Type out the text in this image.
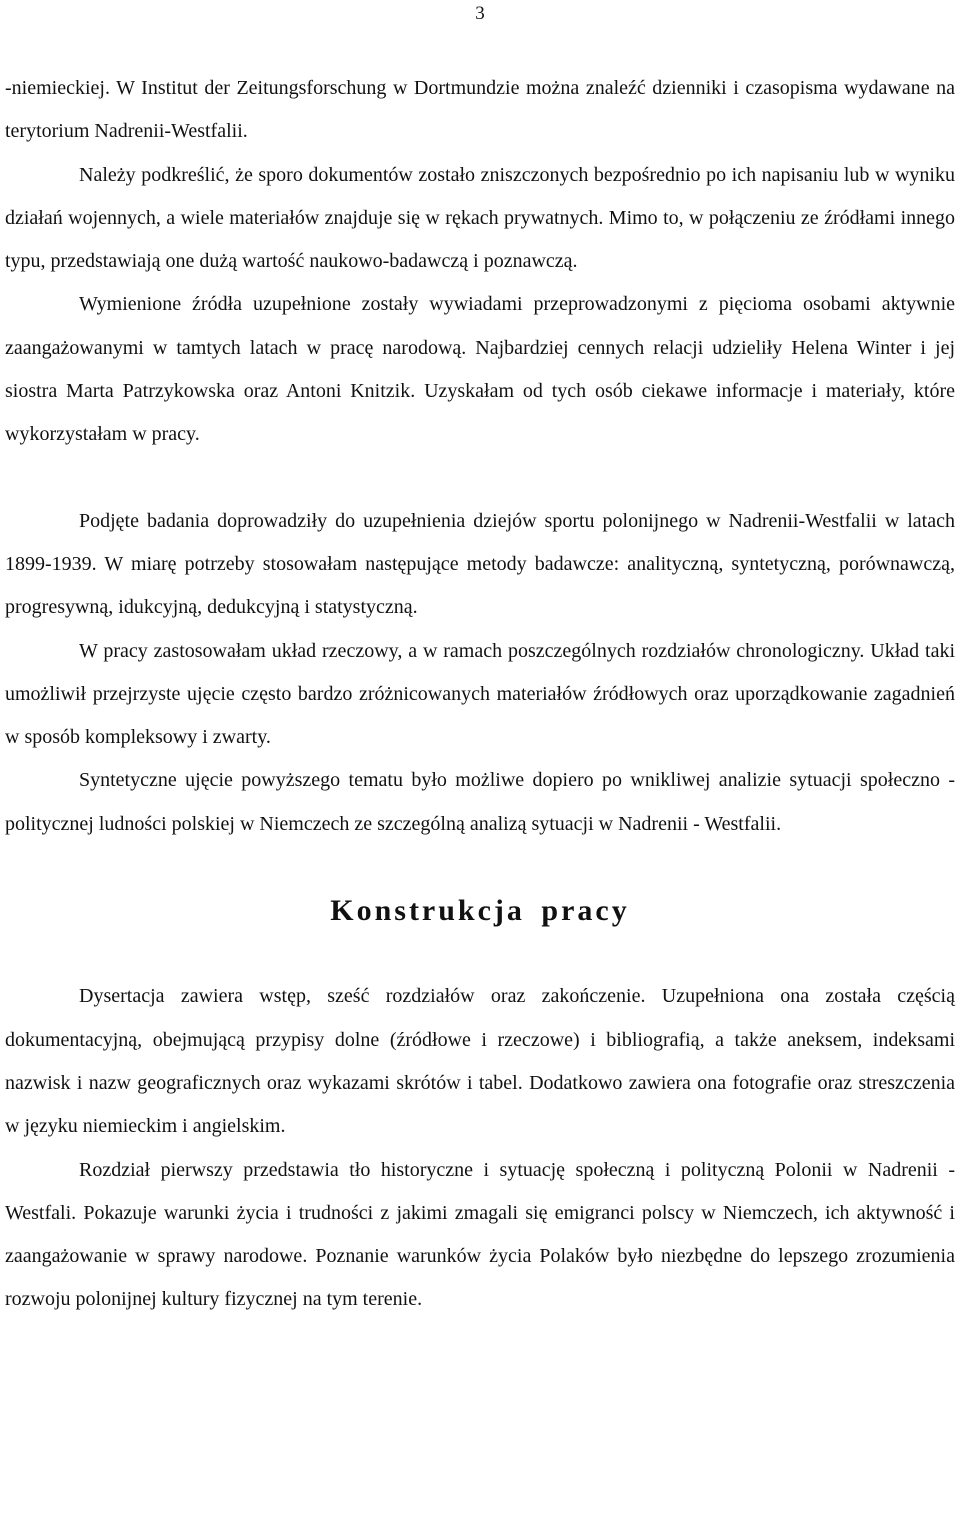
3

-niemieckiej. W Institut der Zeitungsforschung w Dortmundzie można znaleźć dzienniki i czasopisma wydawane na terytorium Nadrenii-Westfalii.

Należy podkreślić, że sporo dokumentów zostało zniszczonych bezpośrednio po ich napisaniu lub w wyniku działań wojennych, a wiele materiałów znajduje się w rękach prywatnych. Mimo to, w połączeniu ze źródłami innego typu, przedstawiają one dużą wartość naukowo-badawczą i poznawczą.

Wymienione źródła uzupełnione zostały wywiadami przeprowadzonymi z pięcioma osobami aktywnie zaangażowanymi w tamtych latach w pracę narodową. Najbardziej cennych relacji udzieliły Helena Winter i jej siostra Marta Patrzykowska oraz Antoni Knitzik. Uzyskałam od tych osób ciekawe informacje i materiały, które wykorzystałam w pracy.

Podjęte badania doprowadziły do uzupełnienia dziejów sportu polonijnego w Nadrenii-Westfalii w latach 1899-1939. W miarę potrzeby stosowałam następujące metody badawcze: analityczną, syntetyczną, porównawczą, progresywną, idukcyjną, dedukcyjną i statystyczną.

W pracy zastosowałam układ rzeczowy, a w ramach poszczególnych rozdziałów chronologiczny. Układ taki umożliwił przejrzyste ujęcie często bardzo zróżnicowanych materiałów źródłowych oraz uporządkowanie zagadnień w sposób kompleksowy i zwarty.

Syntetyczne ujęcie powyższego tematu było możliwe dopiero po wnikliwej analizie sytuacji społeczno - politycznej ludności polskiej w Niemczech ze szczególną analizą sytuacji w Nadrenii - Westfalii.

Konstrukcja pracy

Dysertacja zawiera wstęp, sześć rozdziałów oraz zakończenie. Uzupełniona ona została częścią dokumentacyjną, obejmującą przypisy dolne (źródłowe i rzeczowe) i bibliografią, a także aneksem, indeksami nazwisk i nazw geograficznych oraz wykazami skrótów i tabel. Dodatkowo zawiera ona fotografie oraz streszczenia w języku niemieckim i angielskim.

Rozdział pierwszy przedstawia tło historyczne i sytuację społeczną i polityczną Polonii w Nadrenii - Westfali. Pokazuje warunki życia i trudności z jakimi zmagali się emigranci polscy w Niemczech, ich aktywność i zaangażowanie w sprawy narodowe. Poznanie warunków życia Polaków było niezbędne do lepszego zrozumienia rozwoju polonijnej kultury fizycznej na tym terenie.
